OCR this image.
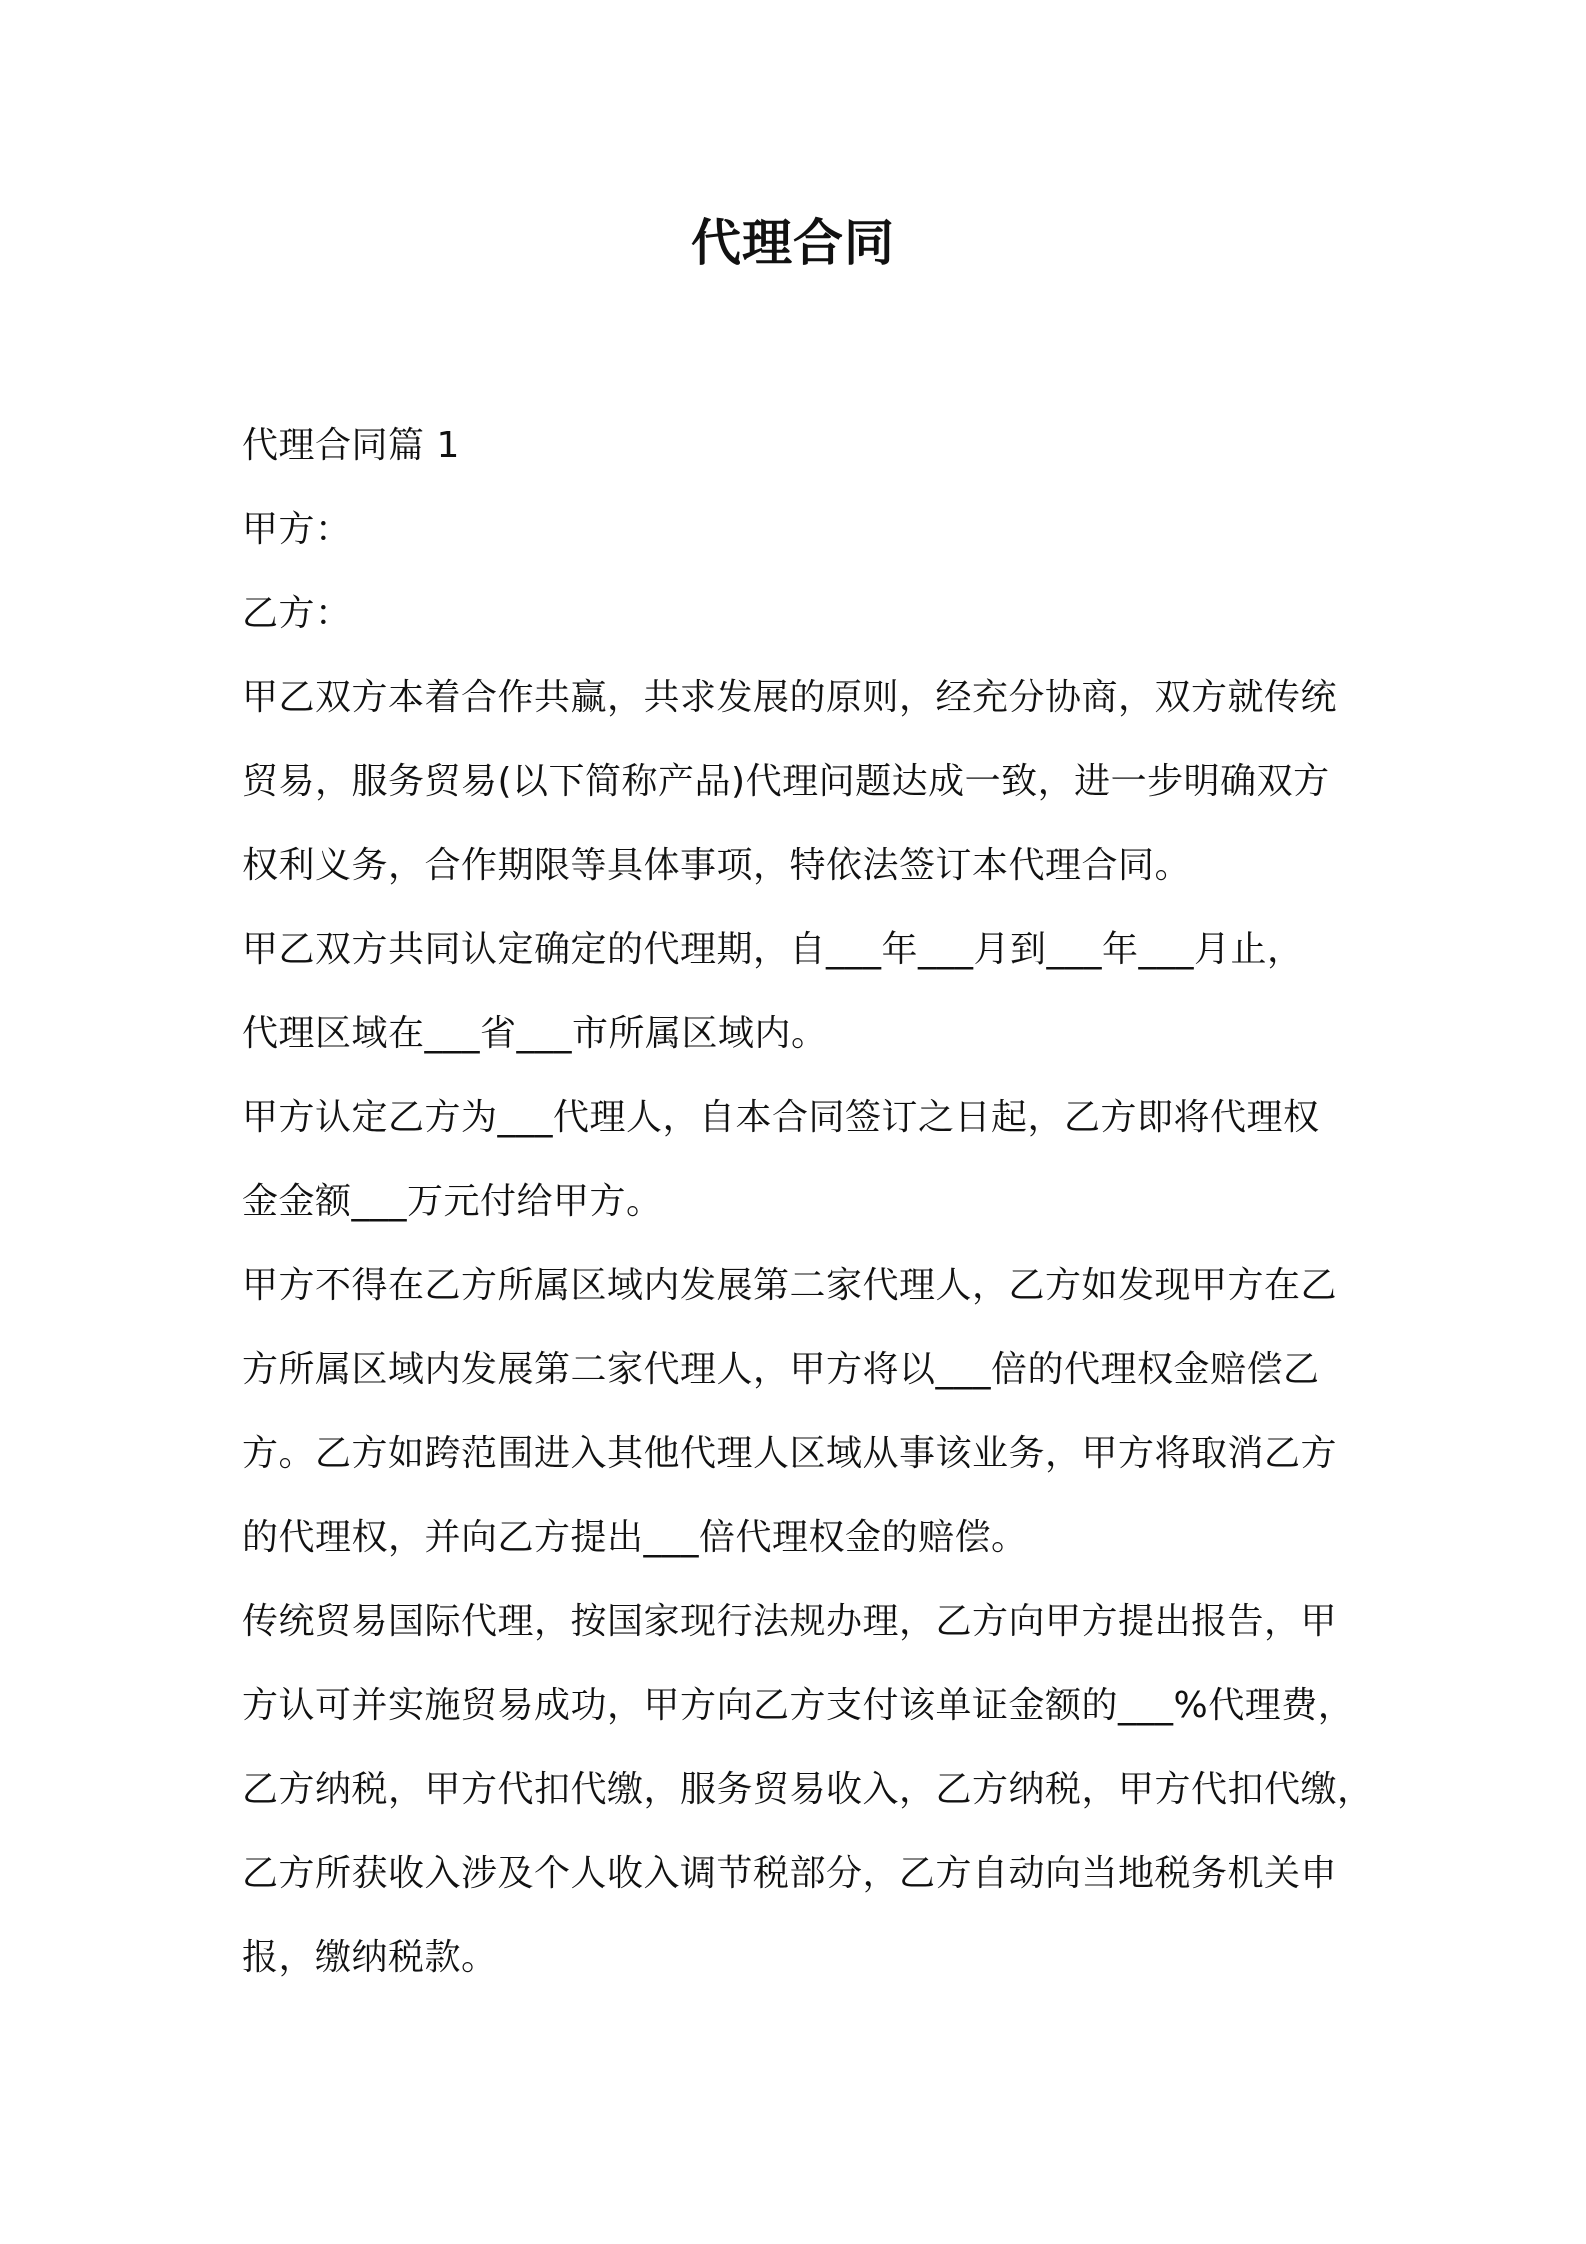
代理合同
代理合同篇 1
甲方：
乙方：
甲乙双方本着合作共赢，共求发展的原则，经充分协商，双方就传统
贸易，服务贸易(以下简称产品)代理问题达成一致，进一步明确双方
权利义务，合作期限等具体事项，特依法签订本代理合同。
甲乙双方共同认定确定的代理期，自___年___月到___年___月止，
代理区域在___省___市所属区域内。
甲方认定乙方为___代理人，自本合同签订之日起，乙方即将代理权
金金额___万元付给甲方。
甲方不得在乙方所属区域内发展第二家代理人，乙方如发现甲方在乙
方所属区域内发展第二家代理人，甲方将以___倍的代理权金赔偿乙
方。乙方如跨范围进入其他代理人区域从事该业务，甲方将取消乙方
的代理权，并向乙方提出___倍代理权金的赔偿。
传统贸易国际代理，按国家现行法规办理，乙方向甲方提出报告，甲
方认可并实施贸易成功，甲方向乙方支付该单证金额的___%代理费，
乙方纳税，甲方代扣代缴，服务贸易收入，乙方纳税，甲方代扣代缴，
乙方所获收入涉及个人收入调节税部分，乙方自动向当地税务机关申
报，缴纳税款。
